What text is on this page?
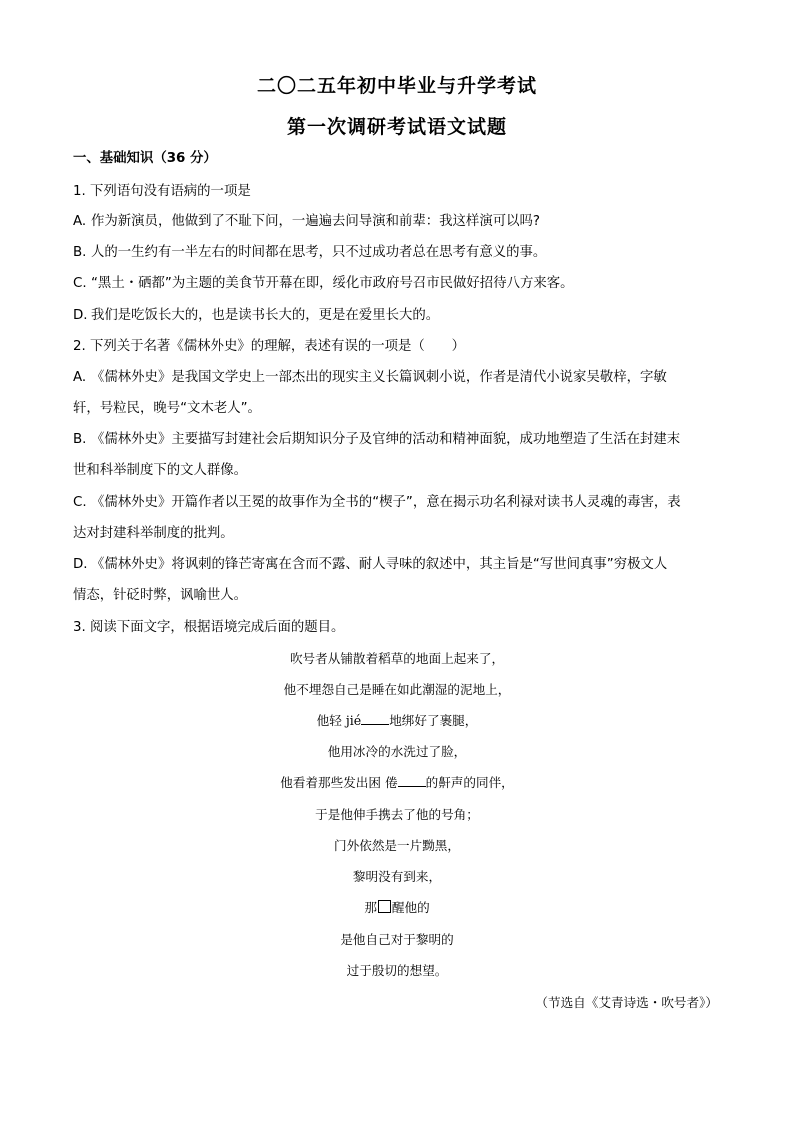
二〇二五年初中毕业与升学考试
第一次调研考试语文试题
一、基础知识（36 分）
1. 下列语句没有语病的一项是
A. 作为新演员，他做到了不耻下问，一遍遍去问导演和前辈：我这样演可以吗?
B. 人的一生约有一半左右的时间都在思考，只不过成功者总在思考有意义的事。
C. “黑土・硒都”为主题的美食节开幕在即，绥化市政府号召市民做好招待八方来客。
D. 我们是吃饭长大的，也是读书长大的，更是在爱里长大的。
2. 下列关于名著《儒林外史》的理解，表述有误的一项是（　　）
A. 《儒林外史》是我国文学史上一部杰出的现实主义长篇讽刺小说，作者是清代小说家吴敬梓，字敏
轩，号粒民，晚号“文木老人”。
B. 《儒林外史》主要描写封建社会后期知识分子及官绅的活动和精神面貌，成功地塑造了生活在封建末
世和科举制度下的文人群像。
C. 《儒林外史》开篇作者以王冕的故事作为全书的“楔子”，意在揭示功名利禄对读书人灵魂的毒害，表
达对封建科举制度的批判。
D. 《儒林外史》将讽刺的锋芒寄寓在含而不露、耐人寻味的叙述中，其主旨是“写世间真事”穷极文人
情态，针砭时弊，讽喻世人。
3. 阅读下面文字，根据语境完成后面的题目。
吹号者从铺散着稻草的地面上起来了，
他不埋怨自己是睡在如此潮湿的泥地上，
他轻 jié 地绑好了裹腿，
他用冰冷的水洗过了脸，
他看着那些发出困 倦 的鼾声的同伴，
于是他伸手携去了他的号角；
门外依然是一片黝黑，
黎明没有到来，
那 醒他的
是他自己对于黎明的
过于殷切的想望。
（节选自《艾青诗选・吹号者》）
